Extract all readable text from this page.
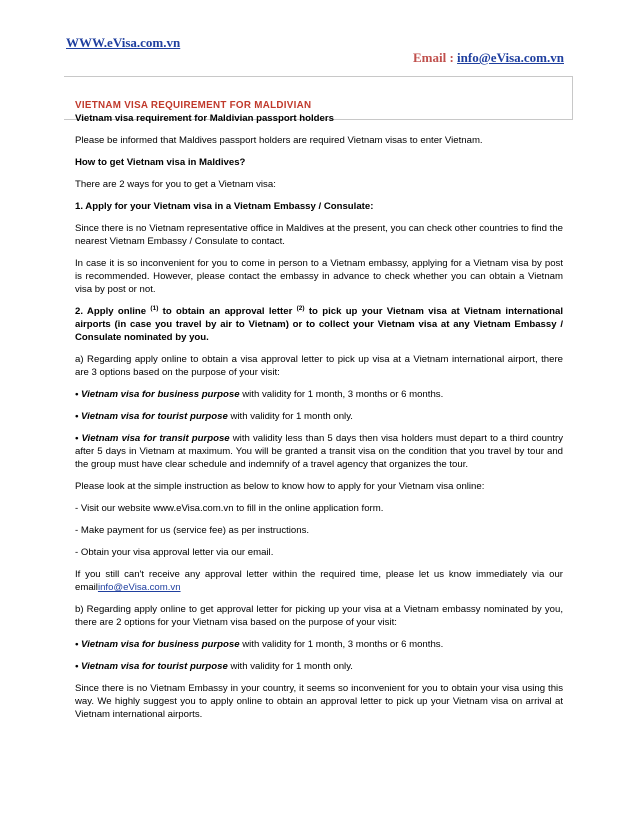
WWW.eVisa.com.vn
Email : info@eVisa.com.vn
VIETNAM VISA REQUIREMENT FOR MALDIVIAN
Vietnam visa requirement for Maldivian passport holders

Please be informed that Maldives passport holders are required Vietnam visas to enter Vietnam.

How to get Vietnam visa in Maldives?

There are 2 ways for you to get a Vietnam visa:

1. Apply for your Vietnam visa in a Vietnam Embassy / Consulate:

Since there is no Vietnam representative office in Maldives at the present, you can check other countries to find the nearest Vietnam Embassy / Consulate to contact.

In case it is so inconvenient for you to come in person to a Vietnam embassy, applying for a Vietnam visa by post is recommended. However, please contact the embassy in advance to check whether you can obtain a Vietnam visa by post or not.

2. Apply online $^{(1)}$ to obtain an approval letter $^{(2)}$ to pick up your Vietnam visa at Vietnam international airports (in case you travel by air to Vietnam) or to collect your Vietnam visa at any Vietnam Embassy / Consulate nominated by you.

a) Regarding apply online to obtain a visa approval letter to pick up visa at a Vietnam international airport, there are 3 options based on the purpose of your visit:

• Vietnam visa for business purpose with validity for 1 month, 3 months or 6 months.

• Vietnam visa for tourist purpose with validity for 1 month only.

• Vietnam visa for transit purpose with validity less than 5 days then visa holders must depart to a third country after 5 days in Vietnam at maximum. You will be granted a transit visa on the condition that you travel by tour and the group must have clear schedule and indemnify of a travel agency that organizes the tour.

Please look at the simple instruction as below to know how to apply for your Vietnam visa online:

- Visit our website www.eVisa.com.vn to fill in the online application form.

- Make payment for us (service fee) as per instructions.

- Obtain your visa approval letter via our email.

If you still can't receive any approval letter within the required time, please let us know immediately via our emailinfo@eVisa.com.vn

b) Regarding apply online to get approval letter for picking up your visa at a Vietnam embassy nominated by you, there are 2 options for your Vietnam visa based on the purpose of your visit:

• Vietnam visa for business purpose with validity for 1 month, 3 months or 6 months.

• Vietnam visa for tourist purpose with validity for 1 month only.

Since there is no Vietnam Embassy in your country, it seems so inconvenient for you to obtain your visa using this way. We highly suggest you to apply online to obtain an approval letter to pick up your Vietnam visa on arrival at Vietnam international airports.
